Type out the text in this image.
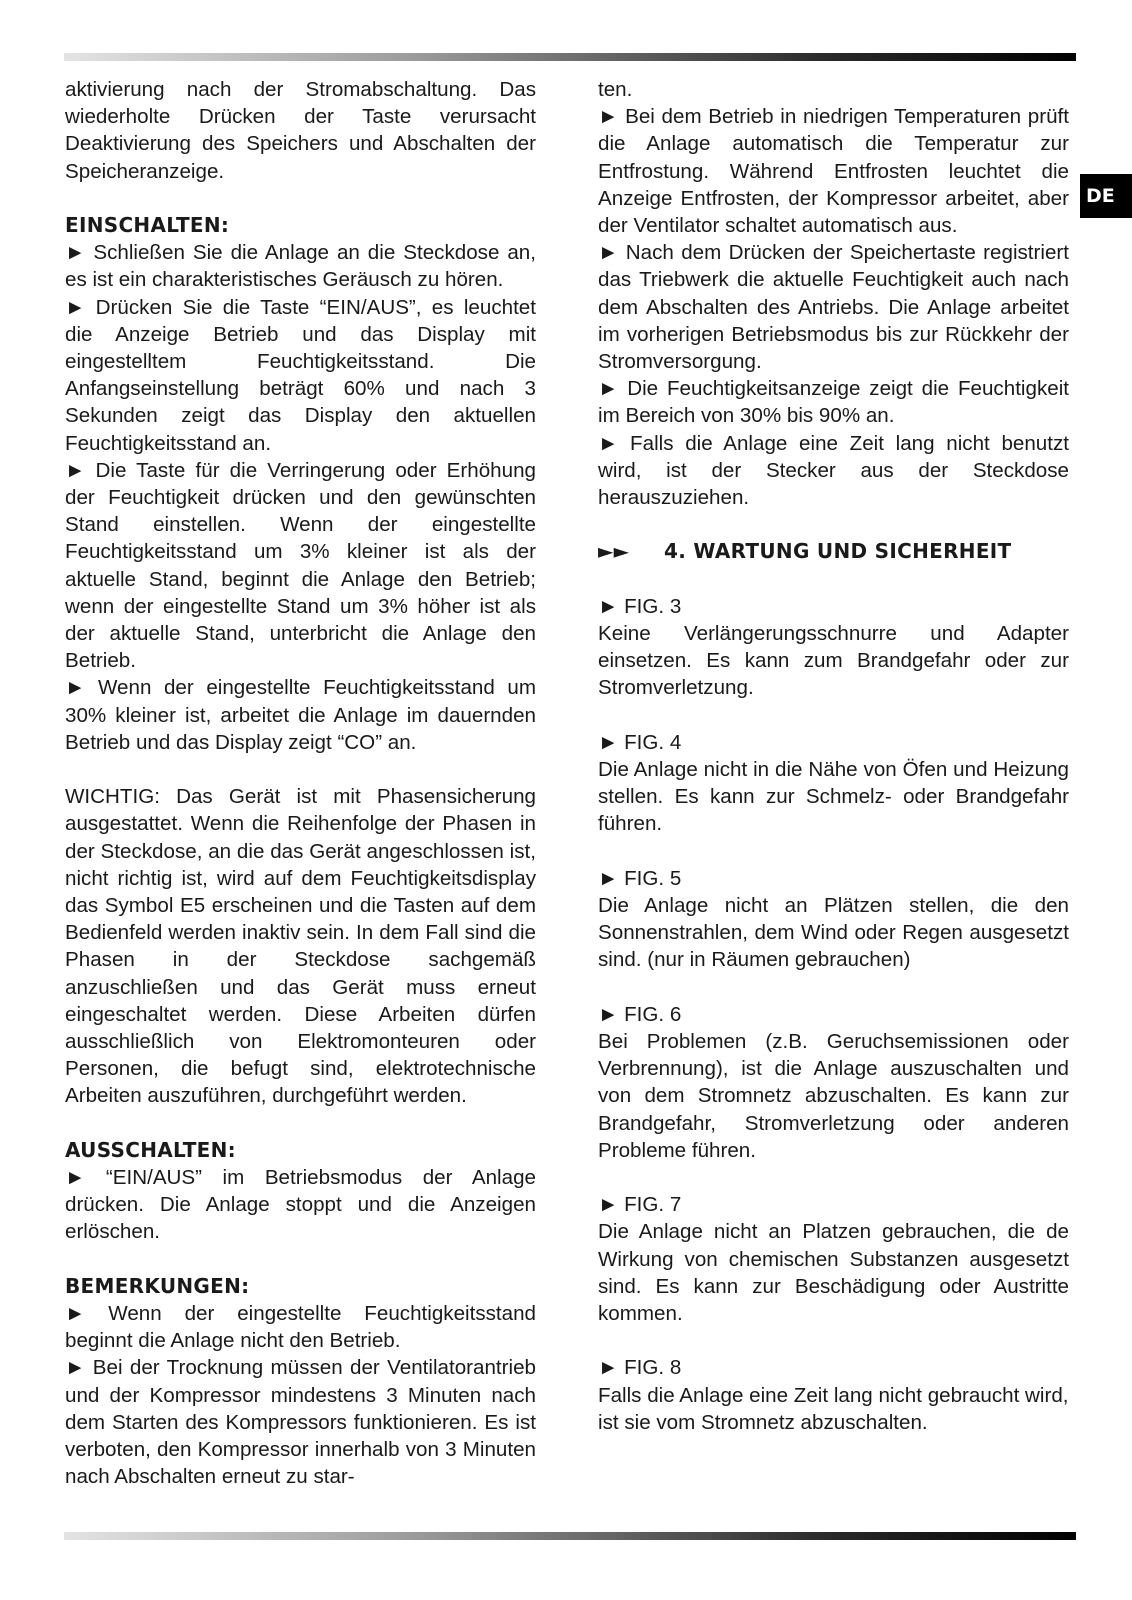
DE

aktivierung nach der Stromabschaltung. Das wiederholte Drücken der Taste verursacht Deaktivierung des Speichers und Abschalten der Speicheranzeige.

EINSCHALTEN:

► Schließen Sie die Anlage an die Steckdose an, es ist ein charakteristisches Geräusch zu hören.

► Drücken Sie die Taste “EIN/AUS”, es leuchtet die Anzeige Betrieb und das Display mit eingestelltem Feuchtigkeitsstand. Die Anfangseinstellung beträgt 60% und nach 3 Sekunden zeigt das Display den aktuellen Feuchtigkeitsstand an.

► Die Taste für die Verringerung oder Erhöhung der Feuchtigkeit drücken und den gewünschten Stand einstellen. Wenn der eingestellte Feuchtigkeitsstand um 3% kleiner ist als der aktuelle Stand, beginnt die Anlage den Betrieb; wenn der eingestellte Stand um 3% höher ist als der aktuelle Stand, unterbricht die Anlage den Betrieb.

► Wenn der eingestellte Feuchtigkeitsstand um 30% kleiner ist, arbeitet die Anlage im dauernden Betrieb und das Display zeigt “CO” an.

WICHTIG: Das Gerät ist mit Phasensicherung ausgestattet. Wenn die Reihenfolge der Phasen in der Steckdose, an die das Gerät angeschlossen ist, nicht richtig ist, wird auf dem Feuchtigkeitsdisplay das Symbol E5 erscheinen und die Tasten auf dem Bedienfeld werden inaktiv sein. In dem Fall sind die Phasen in der Steckdose sachgemäß anzuschließen und das Gerät muss erneut eingeschaltet werden. Diese Arbeiten dürfen ausschließlich von Elektromonteuren oder Personen, die befugt sind, elektrotechnische Arbeiten auszuführen, durchgeführt werden.

AUSSCHALTEN:

► “EIN/AUS” im Betriebsmodus der Anlage drücken. Die Anlage stoppt und die Anzeigen erlöschen.

BEMERKUNGEN:

► Wenn der eingestellte Feuchtigkeitsstand beginnt die Anlage nicht den Betrieb.

► Bei der Trocknung müssen der Ventilatorantrieb und der Kompressor mindestens 3 Minuten nach dem Starten des Kompressors funktionieren. Es ist verboten, den Kompressor innerhalb von 3 Minuten nach Abschalten erneut zu star-

ten.

► Bei dem Betrieb in niedrigen Temperaturen prüft die Anlage automatisch die Temperatur zur Entfrostung. Während Entfrosten leuchtet die Anzeige Entfrosten, der Kompressor arbeitet, aber der Ventilator schaltet automatisch aus.

► Nach dem Drücken der Speichertaste registriert das Triebwerk die aktuelle Feuchtigkeit auch nach dem Abschalten des Antriebs. Die Anlage arbeitet im vorherigen Betriebsmodus bis zur Rückkehr der Stromversorgung.

► Die Feuchtigkeitsanzeige zeigt die Feuchtigkeit im Bereich von 30% bis 90% an.

► Falls die Anlage eine Zeit lang nicht benutzt wird, ist der Stecker aus der Steckdose herauszuziehen.

►► 4. WARTUNG UND SICHERHEIT

► FIG. 3

Keine Verlängerungsschnurre und Adapter einsetzen. Es kann zum Brandgefahr oder zur Stromverletzung.

► FIG. 4

Die Anlage nicht in die Nähe von Öfen und Heizung stellen. Es kann zur Schmelz- oder Brandgefahr führen.

► FIG. 5

Die Anlage nicht an Plätzen stellen, die den Sonnenstrahlen, dem Wind oder Regen ausgesetzt sind. (nur in Räumen gebrauchen)

► FIG. 6

Bei Problemen (z.B. Geruchsemissionen oder Verbrennung), ist die Anlage auszuschalten und von dem Stromnetz abzuschalten. Es kann zur Brandgefahr, Stromverletzung oder anderen Probleme führen.

► FIG. 7

Die Anlage nicht an Platzen gebrauchen, die de Wirkung von chemischen Substanzen ausgesetzt sind. Es kann zur Beschädigung oder Austritte kommen.

► FIG. 8

Falls die Anlage eine Zeit lang nicht gebraucht wird, ist sie vom Stromnetz abzuschalten.
